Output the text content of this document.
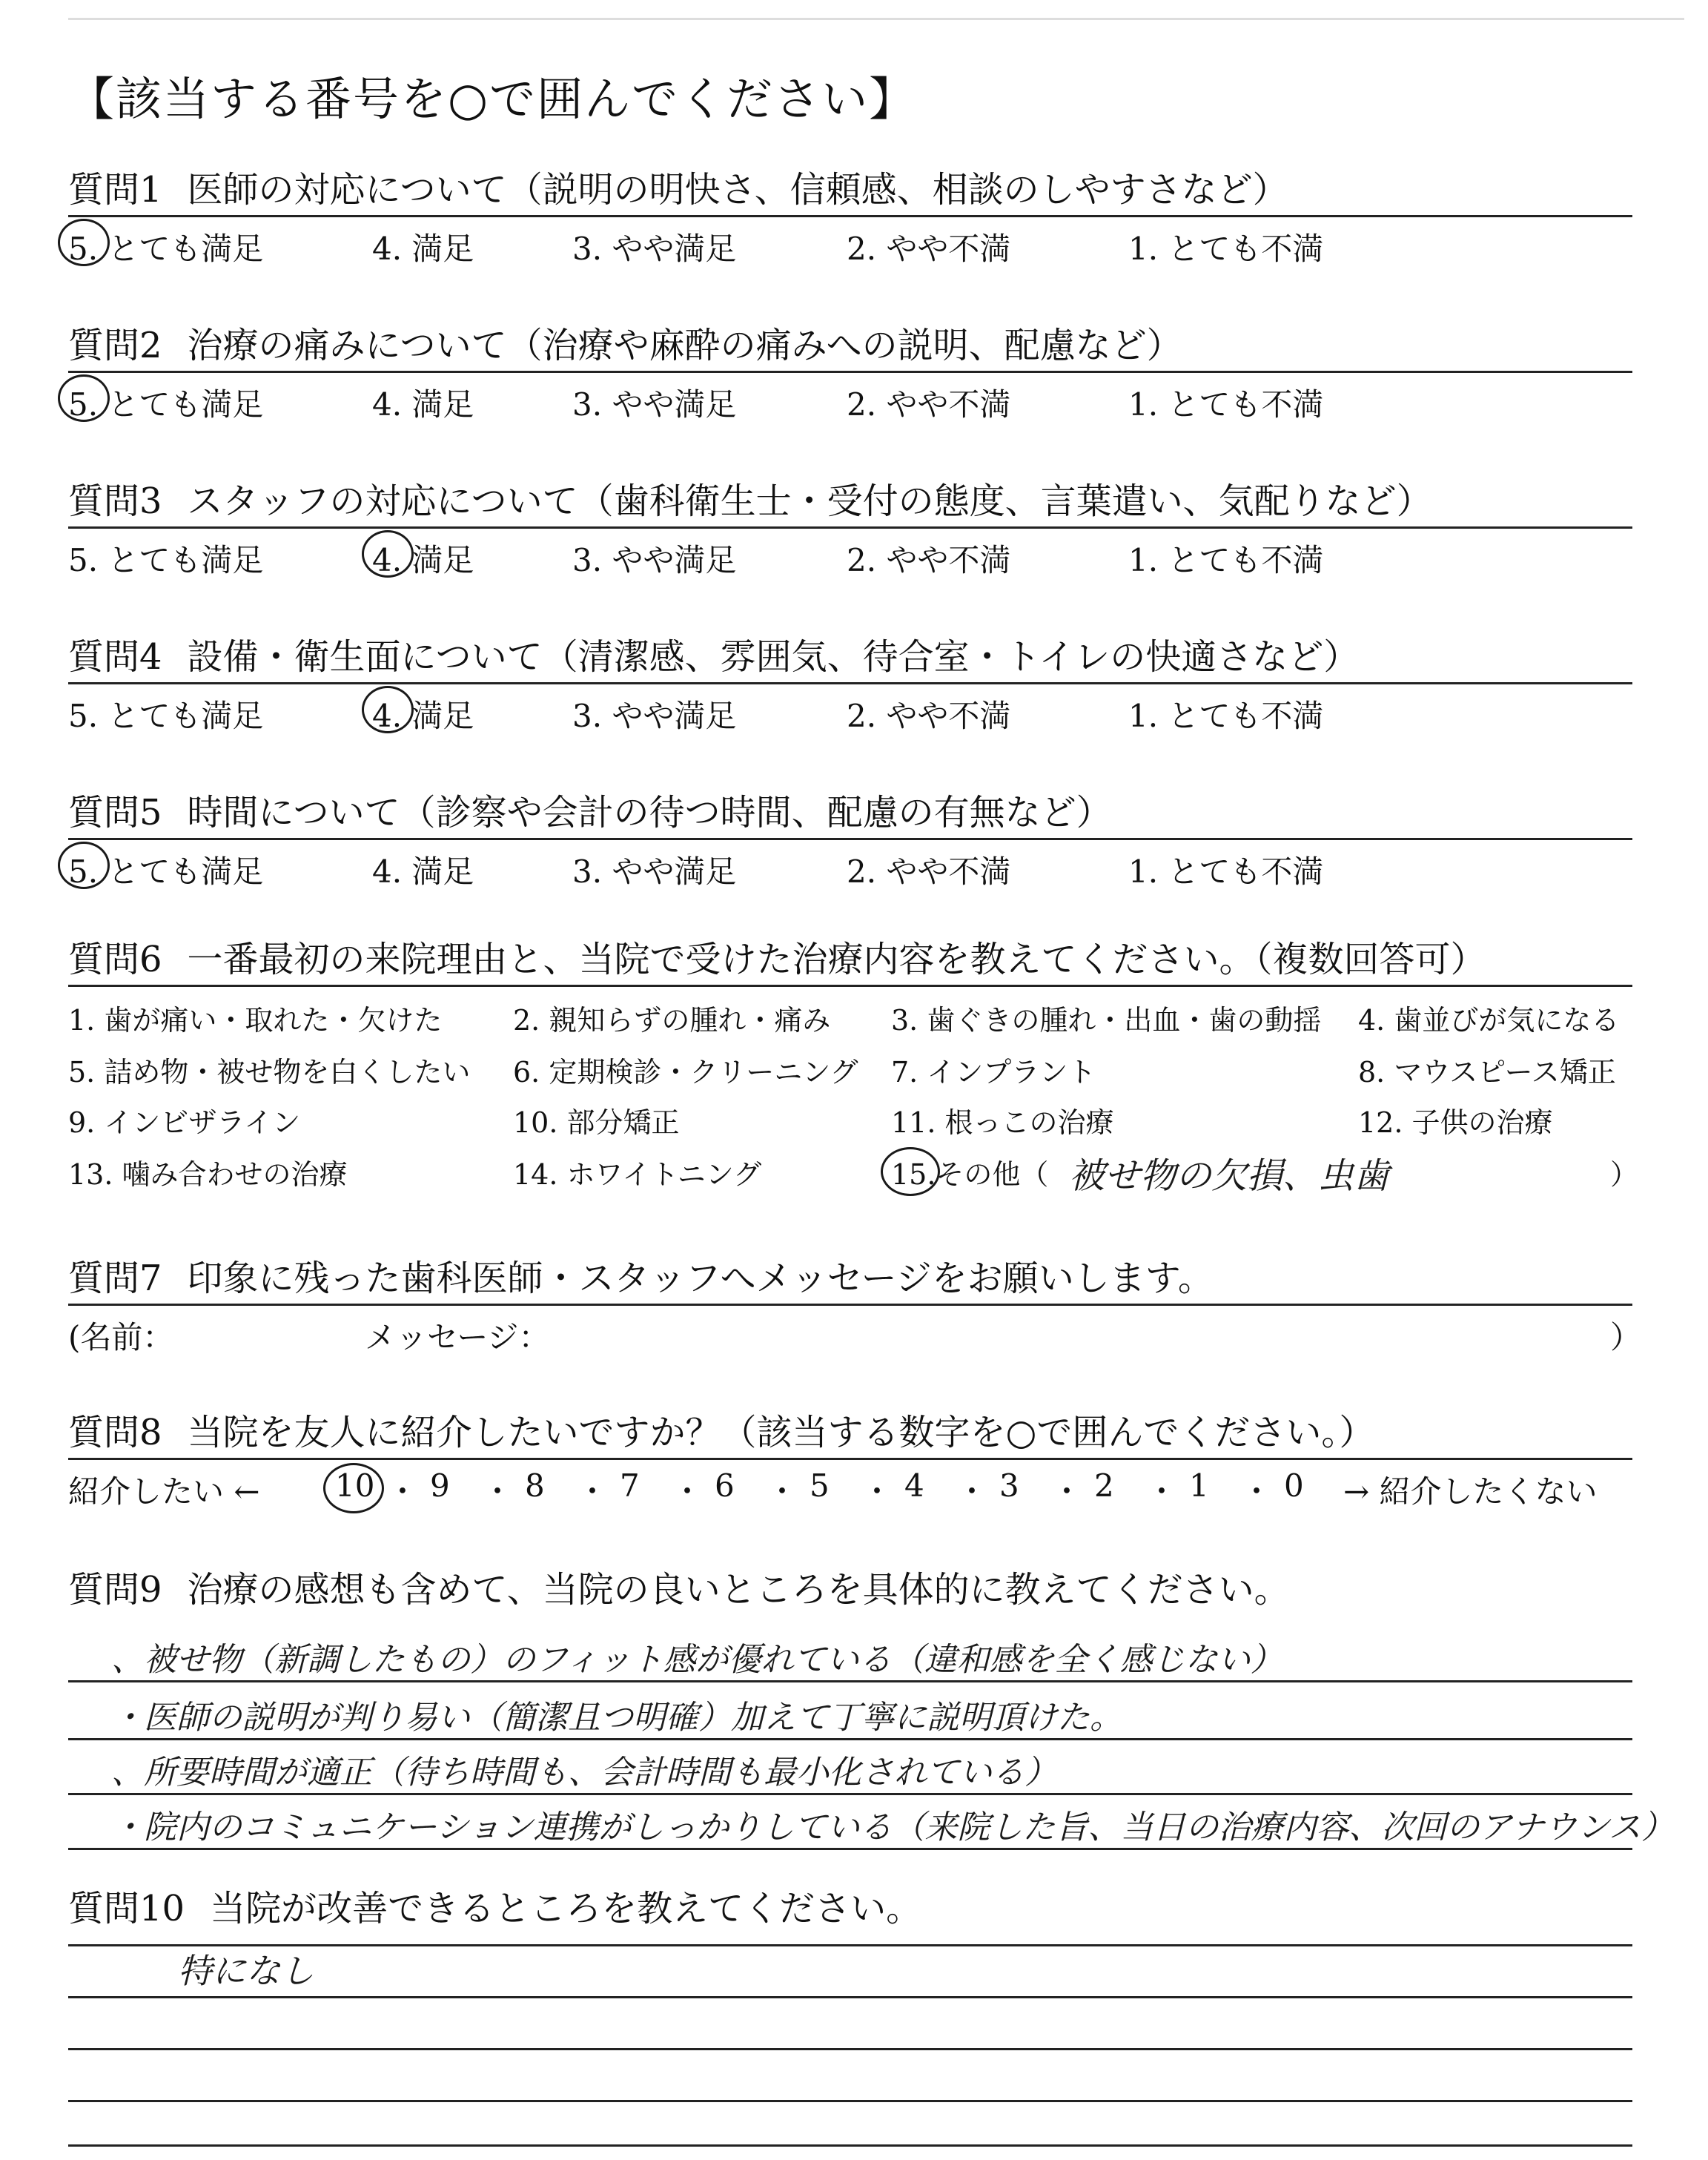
【該当する番号を○で囲んでください】
質問1 医師の対応について（説明の明快さ、信頼感、相談のしやすさなど）
5. とても満足	4. 満足	3. やや満足	2. やや不満	1. とても不満
質問2 治療の痛みについて（治療や麻酔の痛みへの説明、配慮など）
5. とても満足	4. 満足	3. やや満足	2. やや不満	1. とても不満
質問3 スタッフの対応について（歯科衛生士・受付の態度、言葉遣い、気配りなど）
5. とても満足	4. 満足	3. やや満足	2. やや不満	1. とても不満
質問4 設備・衛生面について（清潔感、雰囲気、待合室・トイレの快適さなど）
5. とても満足	4. 満足	3. やや満足	2. やや不満	1. とても不満
質問5 時間について（診察や会計の待つ時間、配慮の有無など）
5. とても満足	4. 満足	3. やや満足	2. やや不満	1. とても不満
質問6 一番最初の来院理由と、当院で受けた治療内容を教えてください。（複数回答可）
1. 歯が痛い・取れた・欠けた	2. 親知らずの腫れ・痛み 3. 歯ぐきの腫れ・出血・歯の動揺 4. 歯並びが気になる
5. 詰め物・被せ物を白くしたい 6. 定期検診・クリーニング 7. インプラント	8. マウスピース矯正
9. インビザライン	10. 部分矯正	11. 根っこの治療	12. 子供の治療
13. 噛み合わせの治療	14. ホワイトニング	15.その他（ 被せ物の欠損、虫歯	）
質問7 印象に残った歯科医師・スタッフへメッセージをお願いします。
(名前：	メッセージ：	）
質問8 当院を友人に紹介したいですか？（該当する数字を○で囲んでください。）
紹介したい ←	→ 紹介したくない
10 ・ 9 ・ 8 ・ 7 ・ 6 ・ 5 ・ 4 ・ 3 ・ 2 ・ 1 ・ 0
質問9 治療の感想も含めて、当院の良いところを具体的に教えてください。
、被せ物（新調したもの）のフィット感が優れている（違和感を全く感じない）
・医師の説明が判り易い（簡潔且つ明確）加えて丁寧に説明頂けた。
、所要時間が適正（待ち時間も、会計時間も最小化されている）
・院内のコミュニケーション連携がしっかりしている（来院した旨、当日の治療内容、次回のアナウンス）
質問10 当院が改善できるところを教えてください。
特になし
